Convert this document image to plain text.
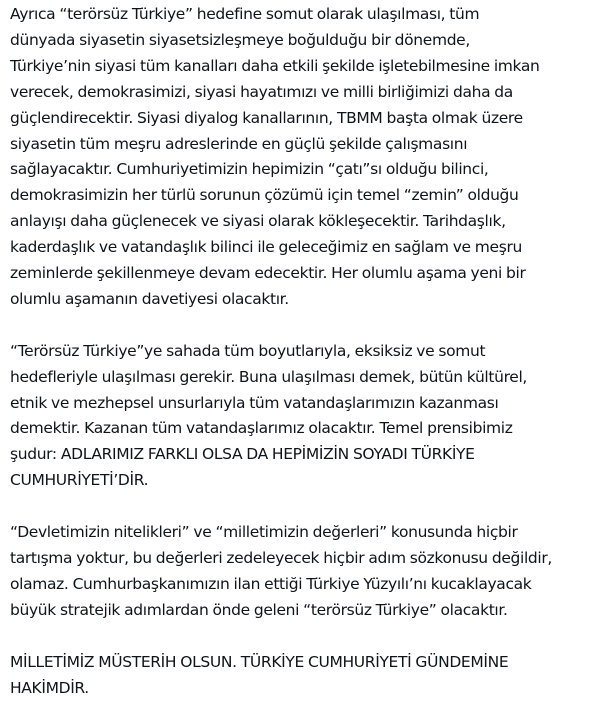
Ayrıca “terörsüz Türkiye” hedefine somut olarak ulaşılması, tüm
dünyada siyasetin siyasetsizleşmeye boğulduğu bir dönemde,
Türkiye’nin siyasi tüm kanalları daha etkili şekilde işletebilmesine imkan
verecek, demokrasimizi, siyasi hayatımızı ve milli birliğimizi daha da
güçlendirecektir. Siyasi diyalog kanallarının, TBMM başta olmak üzere
siyasetin tüm meşru adreslerinde en güçlü şekilde çalışmasını
sağlayacaktır. Cumhuriyetimizin hepimizin “çatı”sı olduğu bilinci,
demokrasimizin her türlü sorunun çözümü için temel “zemin” olduğu
anlayışı daha güçlenecek ve siyasi olarak kökleşecektir. Tarihdaşlık,
kaderdaşlık ve vatandaşlık bilinci ile geleceğimiz en sağlam ve meşru
zeminlerde şekillenmeye devam edecektir. Her olumlu aşama yeni bir
olumlu aşamanın davetiyesi olacaktır.

“Terörsüz Türkiye”ye sahada tüm boyutlarıyla, eksiksiz ve somut
hedefleriyle ulaşılması gerekir. Buna ulaşılması demek, bütün kültürel,
etnik ve mezhepsel unsurlarıyla tüm vatandaşlarımızın kazanması
demektir. Kazanan tüm vatandaşlarımız olacaktır. Temel prensibimiz
şudur: ADLARIMIZ FARKLI OLSA DA HEPİMİZİN SOYADI TÜRKİYE
CUMHURİYETİ’DİR.

“Devletimizin nitelikleri” ve “milletimizin değerleri” konusunda hiçbir
tartışma yoktur, bu değerleri zedeleyecek hiçbir adım sözkonusu değildir,
olamaz. Cumhurbaşkanımızın ilan ettiği Türkiye Yüzyılı’nı kucaklayacak
büyük stratejik adımlardan önde geleni “terörsüz Türkiye” olacaktır.

MİLLETİMİZ MÜSTERİH OLSUN. TÜRKİYE CUMHURİYETİ GÜNDEMİNE
HAKİMDİR.
